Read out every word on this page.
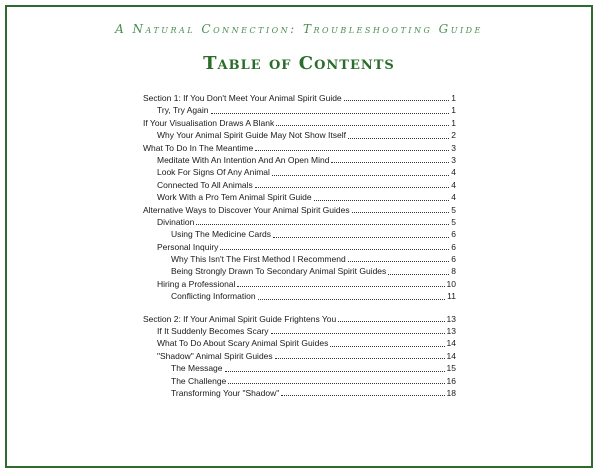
A Natural Connection: Troubleshooting Guide
Table of Contents
Section 1: If You Don't Meet Your Animal Spirit Guide	1
Try, Try Again	1
If Your Visualisation Draws A Blank	1
Why Your Animal Spirit Guide May Not Show Itself	2
What To Do In The Meantime	3
Meditate With An Intention And An Open Mind	3
Look For Signs Of Any Animal	4
Connected To All Animals	4
Work With a Pro Tem Animal Spirit Guide	4
Alternative Ways to Discover Your Animal Spirit Guides	5
Divination	5
Using The Medicine Cards	6
Personal Inquiry	6
Why This Isn't The First Method I Recommend	6
Being Strongly Drawn To Secondary Animal Spirit Guides	8
Hiring a Professional	10
Conflicting Information	11
Section 2: If Your Animal Spirit Guide Frightens You	13
If It Suddenly Becomes Scary	13
What To Do About Scary Animal Spirit Guides	14
"Shadow" Animal Spirit Guides	14
The Message	15
The Challenge	16
Transforming Your "Shadow"	18
